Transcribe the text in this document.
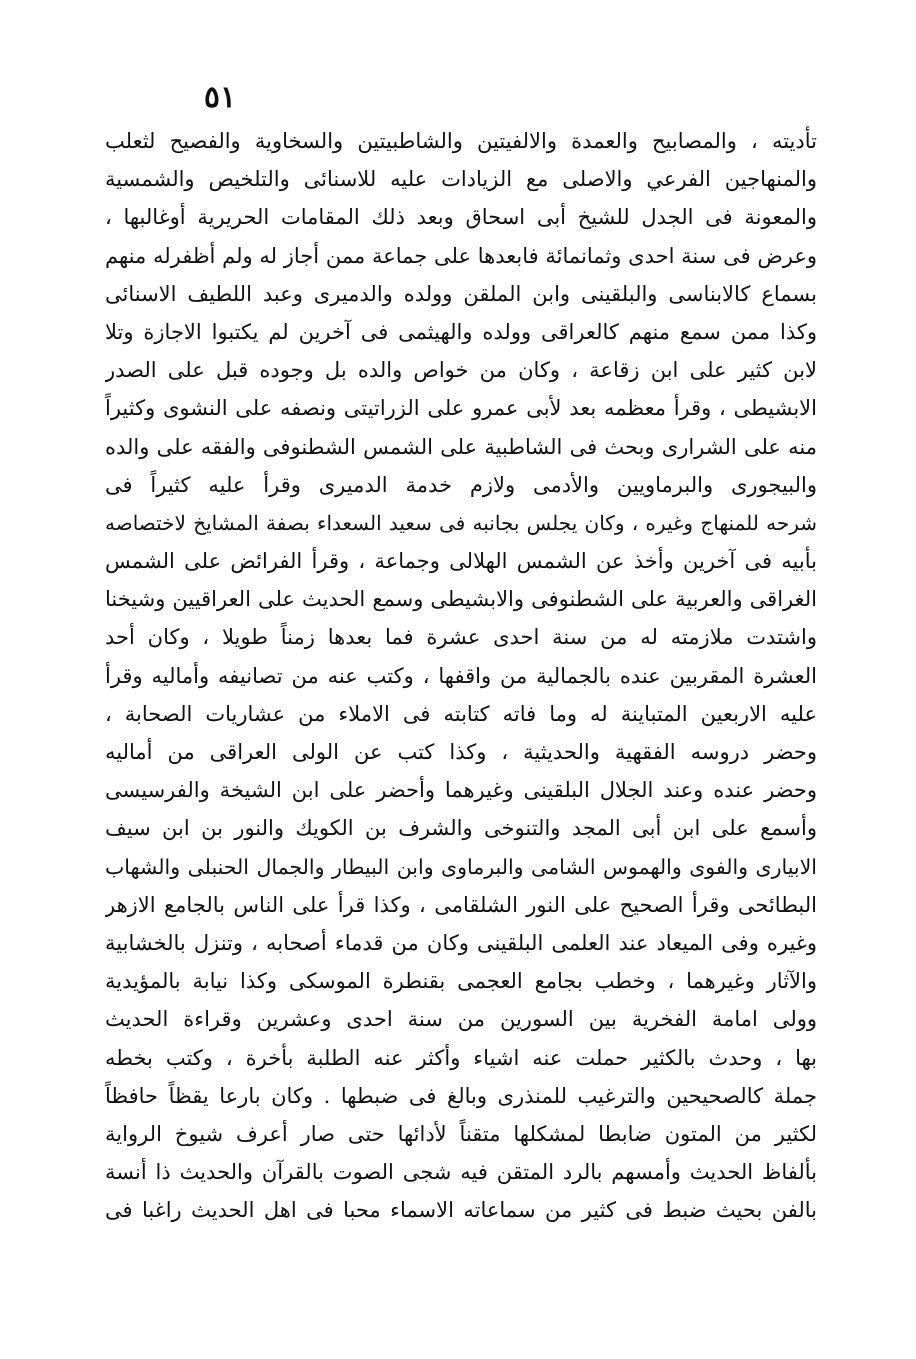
٥١
تأديته ، والمصابيح والعمدة والالفيتين والشاطبيتين والسخاوية والفصيح لثعلب
والمنهاجين الفرعي والاصلى مع الزيادات عليه للاسنائى والتلخيص والشمسية
والمعونة فى الجدل للشيخ أبى اسحاق وبعد ذلك المقامات الحريرية أوغالبها ،
وعرض فى سنة احدى وثمانمائة فابعدها على جماعة ممن أجاز له ولم أظفرله منهم
بسماع كالابناسى والبلقينى وابن الملقن وولده والدميرى وعبد اللطيف الاسنائى
وكذا ممن سمع منهم كالعراقى وولده والهيثمى فى آخرين لم يكتبوا الاجازة وتلا
لابن كثير على ابن زقاعة ، وكان من خواص والده بل وجوده قبل على الصدر
الابشيطى ، وقرأ معظمه بعد لأبى عمرو على الزراتيتى ونصفه على النشوى وكثيراً
منه على الشرارى وبحث فى الشاطبية على الشمس الشطنوفى والفقه على والده
والبيجورى والبرماويين والأدمى ولازم خدمة الدميرى وقرأ عليه كثيراً فى
شرحه للمنهاج وغيره ، وكان يجلس بجانبه فى سعيد السعداء بصفة المشايخ لاختصاصه
بأبيه فى آخرين وأخذ عن الشمس الهلالى وجماعة ، وقرأ الفرائض على الشمس
الغراقى والعربية على الشطنوفى والابشيطى وسمع الحديث على العراقيين وشيخنا
واشتدت ملازمته له من سنة احدى عشرة فما بعدها زمناً طويلا ، وكان أحد
العشرة المقربين عنده بالجمالية من واقفها ، وكتب عنه من تصانيفه وأماليه وقرأ
عليه الاربعين المتباينة له وما فاته كتابته فى الاملاء من عشاريات الصحابة ،
وحضر دروسه الفقهية والحديثية ، وكذا كتب عن الولى العراقى من أماليه
وحضر عنده وعند الجلال البلقينى وغيرهما وأحضر على ابن الشيخة والفرسيسى
وأسمع على ابن أبى المجد والتنوخى والشرف بن الكويك والنور بن ابن سيف
الابيارى والفوى والهموس الشامى والبرماوى وابن البيطار والجمال الحنبلى والشهاب
البطائحى وقرأ الصحيح على النور الشلقامى ، وكذا قرأ على الناس بالجامع الازهر
وغيره وفى الميعاد عند العلمى البلقينى وكان من قدماء أصحابه ، وتنزل بالخشابية
والآثار وغيرهما ، وخطب بجامع العجمى بقنطرة الموسكى وكذا نيابة بالمؤيدية
وولى امامة الفخرية بين السورين من سنة احدى وعشرين وقراءة الحديث
بها ، وحدث بالكثير حملت عنه اشياء وأكثر عنه الطلبة بأخرة ، وكتب بخطه
جملة كالصحيحين والترغيب للمنذرى وبالغ فى ضبطها . وكان بارعا يقظاً حافظاً
لكثير من المتون ضابطا لمشكلها متقناً لأدائها حتى صار أعرف شيوخ الرواية
بألفاظ الحديث وأمسهم بالرد المتقن فيه شجى الصوت بالقرآن والحديث ذا أنسة
بالفن بحيث ضبط فى كثير من سماعاته الاسماء محبا فى اهل الحديث راغبا فى
